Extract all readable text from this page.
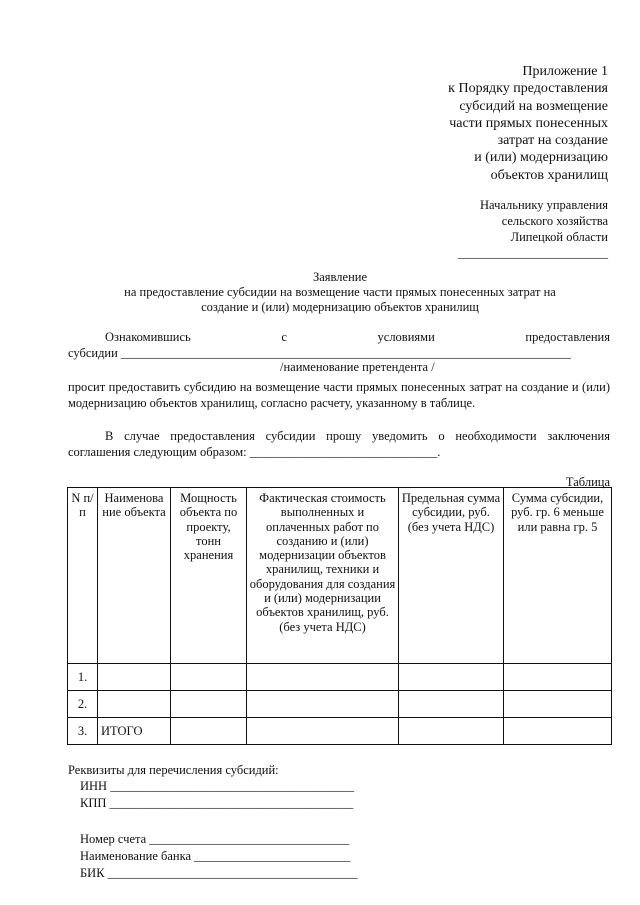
Приложение 1
к Порядку предоставления
субсидий на возмещение
части прямых понесенных
затрат на создание
и (или) модернизацию
объектов хранилищ
Начальнику управления
сельского хозяйства
Липецкой области
________________________
Заявление
на предоставление субсидии на возмещение части прямых понесенных затрат на
создание и (или) модернизацию объектов хранилищ
Ознакомившись с условиями предоставления
субсидии ________________________________________________________________________
/наименование претендента /
просит предоставить субсидию на возмещение части прямых понесенных затрат на создание и (или) модернизацию объектов хранилищ, согласно расчету, указанному в таблице.
В случае предоставления субсидии прошу уведомить о необходимости заключения
соглашения следующим образом: ______________________________.
Таблица
N п/п	Наименова ние объекта	Мощность объекта по проекту, тонн хранения	Фактическая стоимость выполненных и оплаченных работ по созданию и (или) модернизации объектов хранилищ, техники и оборудования для создания и (или) модернизации объектов хранилищ, руб. (без учета НДС)	Предельная сумма субсидии, руб. (без учета НДС)	Сумма субсидии, руб. гр. 6 меньше или равна гр. 5
1.					
2.					
3.	ИТОГО				
Реквизиты для перечисления субсидий:
ИНН _______________________________________
КПП _______________________________________
Номер счета ________________________________
Наименование банка _________________________
БИК ________________________________________
